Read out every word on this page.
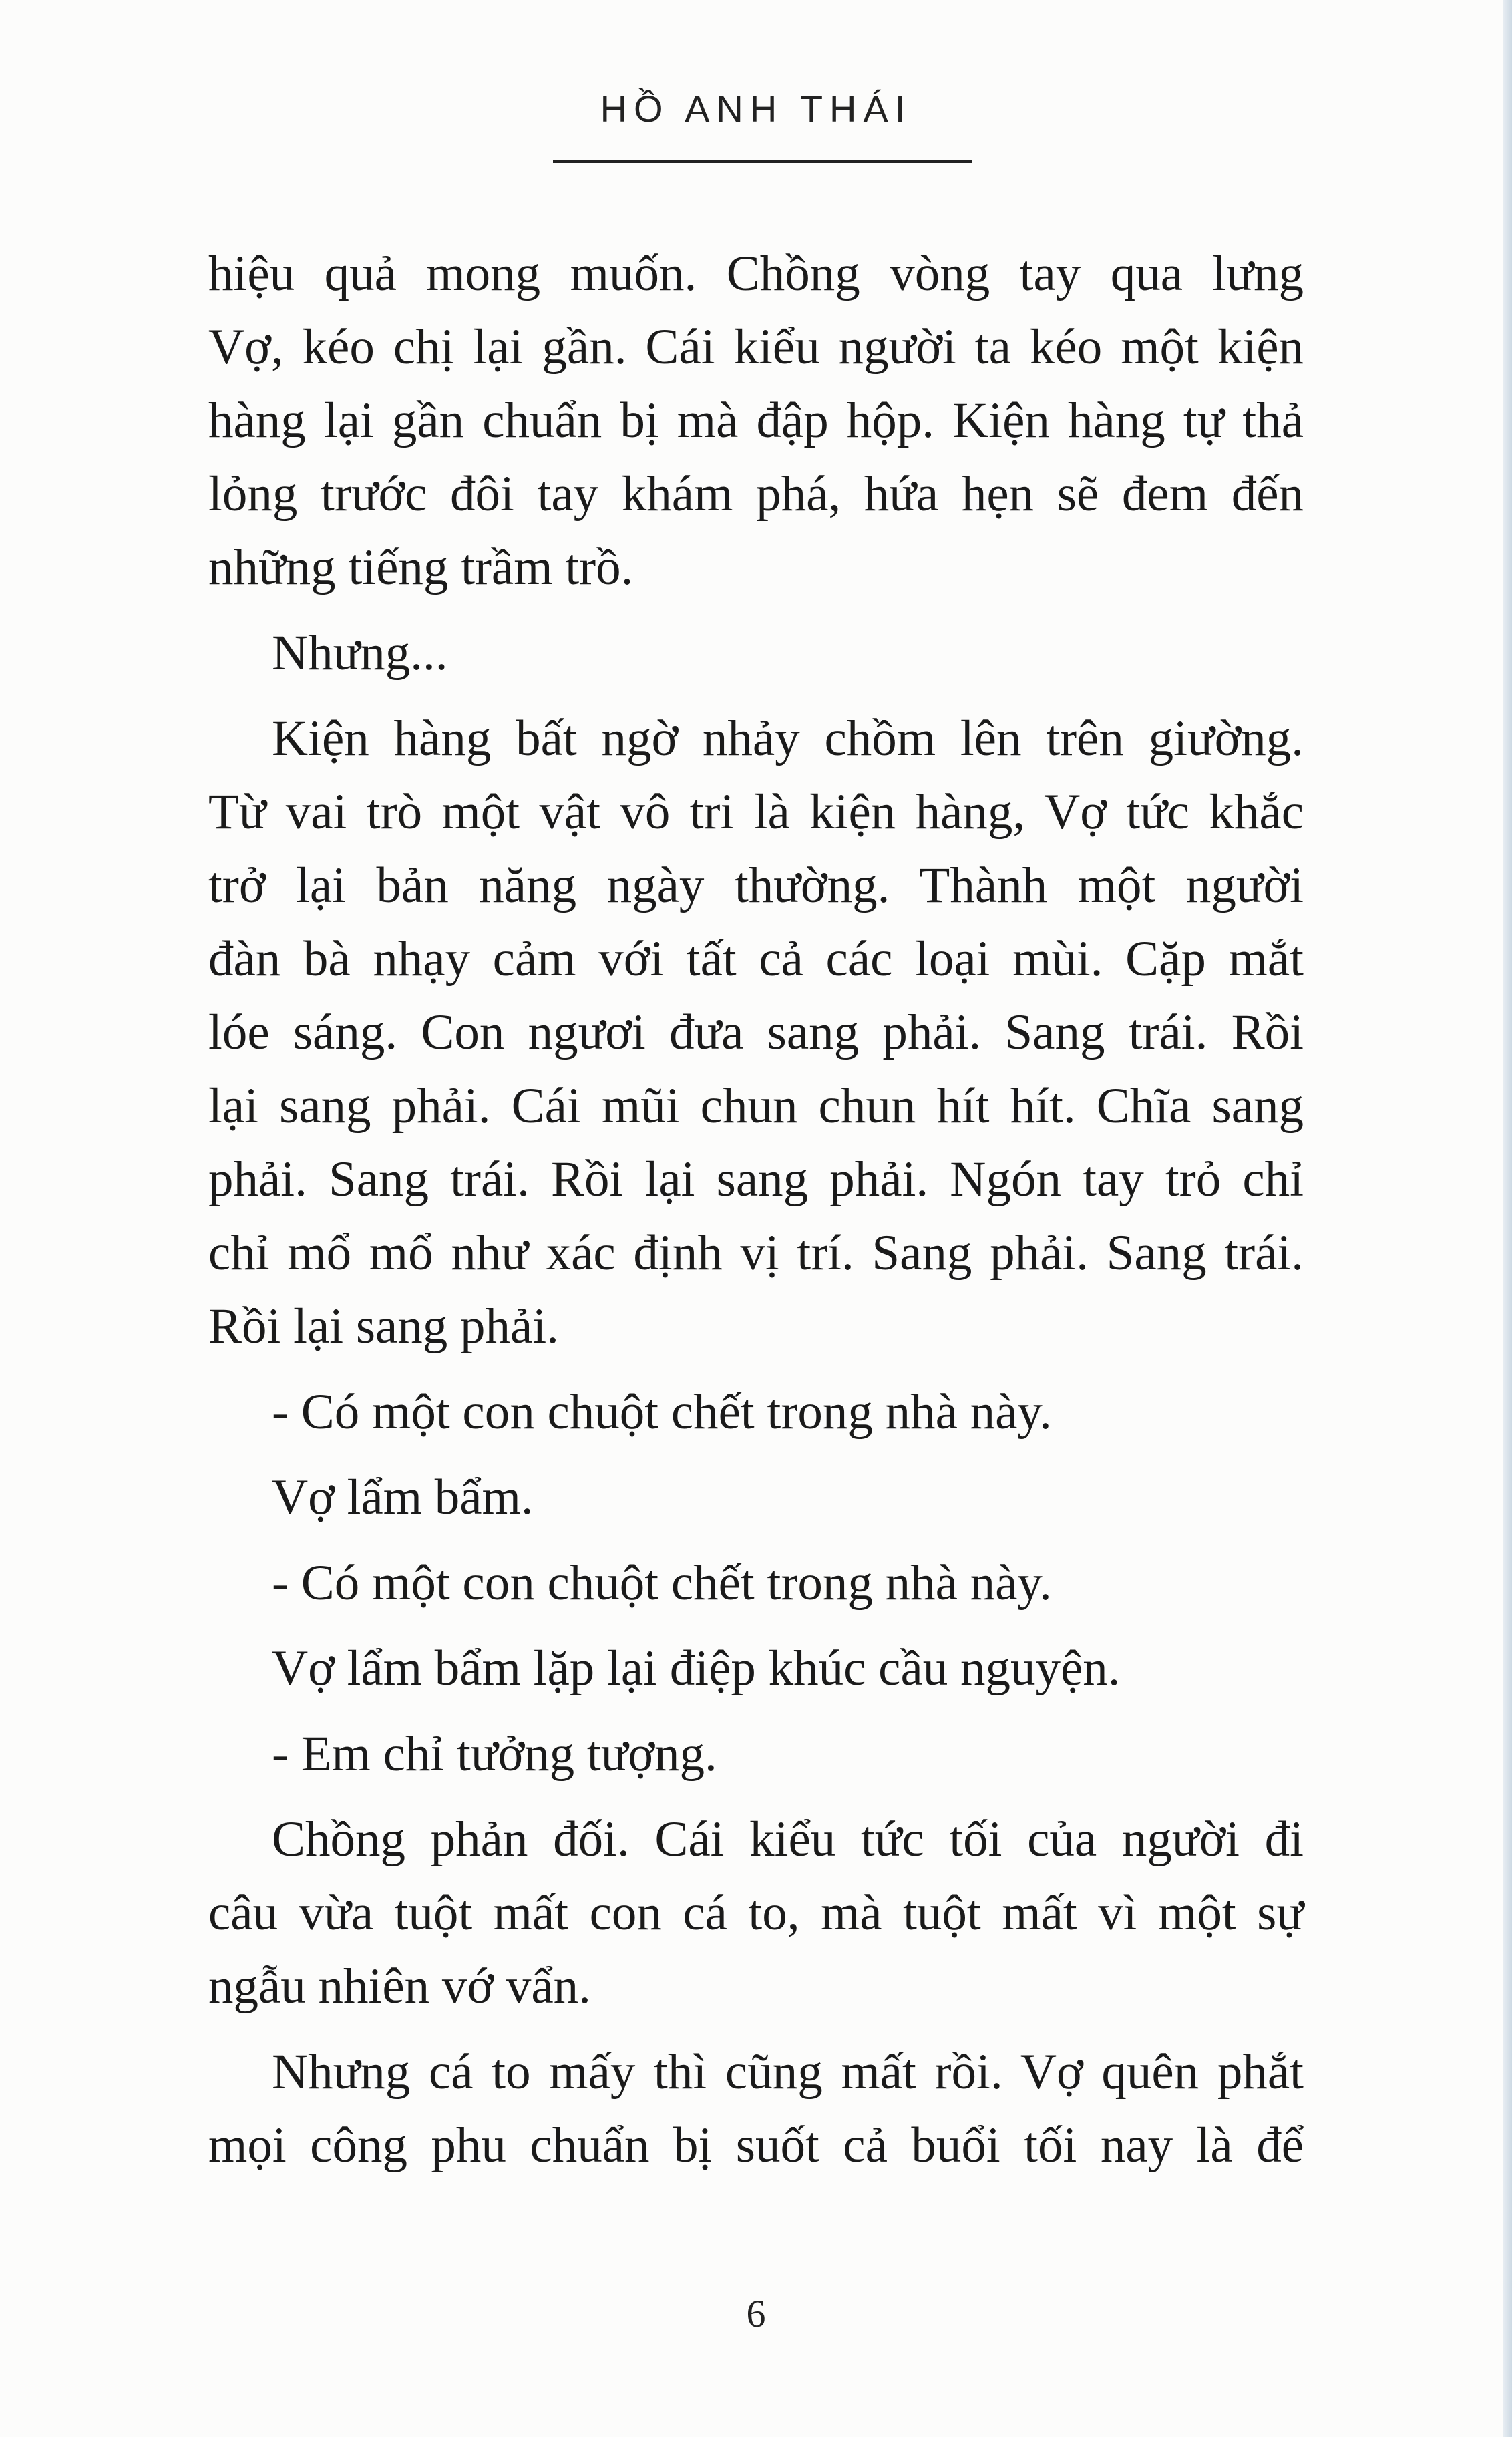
HỒ ANH THÁI
hiệu quả mong muốn. Chồng vòng tay qua lưng
Vợ, kéo chị lại gần. Cái kiểu người ta kéo một kiện
hàng lại gần chuẩn bị mà đập hộp. Kiện hàng tự thả
lỏng trước đôi tay khám phá, hứa hẹn sẽ đem đến
những tiếng trầm trồ.
Nhưng...
Kiện hàng bất ngờ nhảy chồm lên trên giường.
Từ vai trò một vật vô tri là kiện hàng, Vợ tức khắc
trở lại bản năng ngày thường. Thành một người
đàn bà nhạy cảm với tất cả các loại mùi. Cặp mắt
lóe sáng. Con ngươi đưa sang phải. Sang trái. Rồi
lại sang phải. Cái mũi chun chun hít hít. Chĩa sang
phải. Sang trái. Rồi lại sang phải. Ngón tay trỏ chỉ
chỉ mổ mổ như xác định vị trí. Sang phải. Sang trái.
Rồi lại sang phải.
- Có một con chuột chết trong nhà này.
Vợ lẩm bẩm.
- Có một con chuột chết trong nhà này.
Vợ lẩm bẩm lặp lại điệp khúc cầu nguyện.
- Em chỉ tưởng tượng.
Chồng phản đối. Cái kiểu tức tối của người đi
câu vừa tuột mất con cá to, mà tuột mất vì một sự
ngẫu nhiên vớ vẩn.
Nhưng cá to mấy thì cũng mất rồi. Vợ quên phắt
mọi công phu chuẩn bị suốt cả buổi tối nay là để
6
